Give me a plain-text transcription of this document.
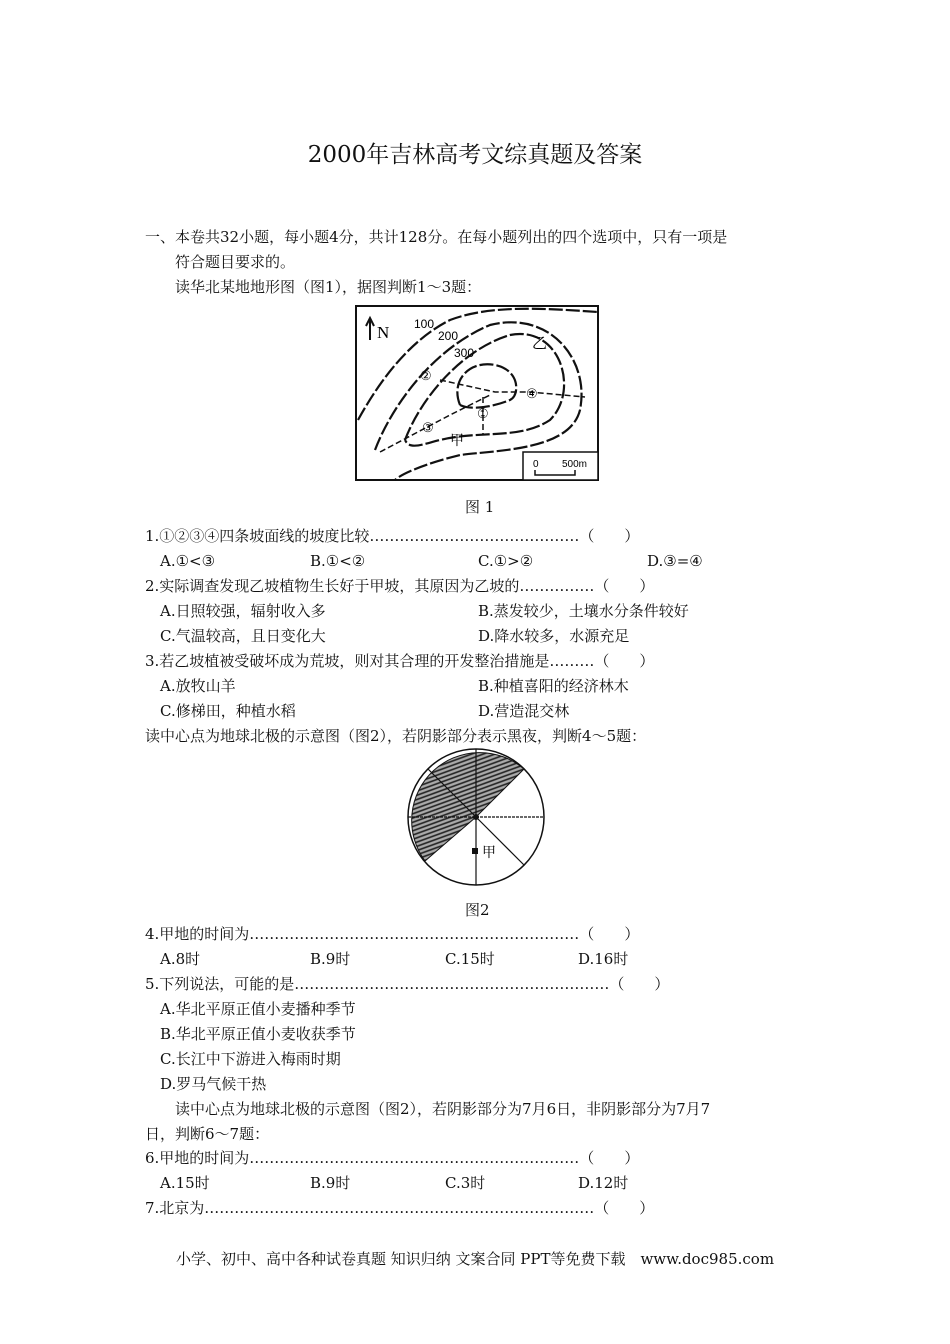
2000年吉林高考文综真题及答案
一、本卷共32小题，每小题4分，共计128分。在每小题列出的四个选项中，只有一项是
符合题目要求的。
读华北某地地形图（图1），据图判断1～3题：
N 100
200
300
乙
甲
②
③
①
④
0 500m
图 1
1.①②③④四条坡面线的坡度比较……………………………………（　　）
A.①<③	B.①<②	C.①>②	D.③=④
2.实际调查发现乙坡植物生长好于甲坡，其原因为乙坡的……………（　　）
A.日照较强，辐射收入多	B.蒸发较少，土壤水分条件较好
C.气温较高，且日变化大	D.降水较多，水源充足
3.若乙坡植被受破坏成为荒坡，则对其合理的开发整治措施是………（　　）
A.放牧山羊	B.种植喜阳的经济林木
C.修梯田，种植水稻	D.营造混交林
读中心点为地球北极的示意图（图2），若阴影部分表示黑夜，判断4～5题：
甲
图2
4.甲地的时间为…………………………………………………………（　　）
A.8时	B.9时	C.15时	D.16时
5.下列说法，可能的是………………………………………………………（　　）
A.华北平原正值小麦播种季节
B.华北平原正值小麦收获季节
C.长江中下游进入梅雨时期
D.罗马气候干热
读中心点为地球北极的示意图（图2），若阴影部分为7月6日，非阴影部分为7月7
日，判断6～7题：
6.甲地的时间为…………………………………………………………（　　）
A.15时	B.9时	C.3时	D.12时
7.北京为……………………………………………………………………（　　）
小学、初中、高中各种试卷真题 知识归纳 文案合同 PPT等免费下载　www.doc985.com
